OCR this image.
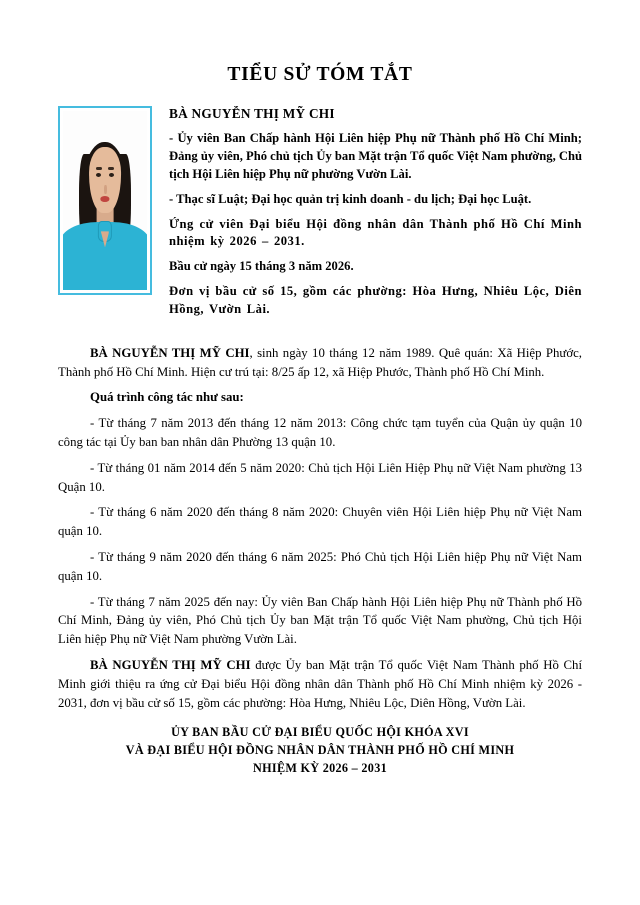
TIỂU SỬ TÓM TẮT
BÀ NGUYỄN THỊ MỸ CHI

- Ủy viên Ban Chấp hành Hội Liên hiệp Phụ nữ Thành phố Hồ Chí Minh; Đảng ủy viên, Phó chủ tịch Ủy ban Mặt trận Tổ quốc Việt Nam phường, Chủ tịch Hội Liên hiệp Phụ nữ phường Vườn Lài.

- Thạc sĩ Luật; Đại học quản trị kinh doanh - du lịch; Đại học Luật.

Ứng cử viên Đại biểu Hội đồng nhân dân Thành phố Hồ Chí Minh nhiệm kỳ 2026 – 2031.

Bầu cử ngày 15 tháng 3 năm 2026.

Đơn vị bầu cử số 15, gồm các phường: Hòa Hưng, Nhiêu Lộc, Diên Hồng, Vườn Lài.

BÀ NGUYỄN THỊ MỸ CHI, sinh ngày 10 tháng 12 năm 1989. Quê quán: Xã Hiệp Phước, Thành phố Hồ Chí Minh. Hiện cư trú tại: 8/25 ấp 12, xã Hiệp Phước, Thành phố Hồ Chí Minh.

Quá trình công tác như sau:

- Từ tháng 7 năm 2013 đến tháng 12 năm 2013: Công chức tạm tuyển của Quận ủy quận 10 công tác tại Ủy ban ban nhân dân Phường 13 quận 10.

- Từ tháng 01 năm 2014 đến 5 năm 2020: Chủ tịch Hội Liên Hiệp Phụ nữ Việt Nam phường 13 Quận 10.

- Từ tháng 6 năm 2020 đến tháng 8 năm 2020: Chuyên viên Hội Liên hiệp Phụ nữ Việt Nam quận 10.

- Từ tháng 9 năm 2020 đến tháng 6 năm 2025: Phó Chủ tịch Hội Liên hiệp Phụ nữ Việt Nam quận 10.

- Từ tháng 7 năm 2025 đến nay: Ủy viên Ban Chấp hành Hội Liên hiệp Phụ nữ Thành phố Hồ Chí Minh, Đảng ủy viên, Phó Chủ tịch Ủy ban Mặt trận Tổ quốc Việt Nam phường, Chủ tịch Hội Liên hiệp Phụ nữ Việt Nam phường Vườn Lài.

BÀ NGUYỄN THỊ MỸ CHI được Ủy ban Mặt trận Tổ quốc Việt Nam Thành phố Hồ Chí Minh giới thiệu ra ứng cử Đại biểu Hội đồng nhân dân Thành phố Hồ Chí Minh nhiệm kỳ 2026 - 2031, đơn vị bầu cử số 15, gồm các phường: Hòa Hưng, Nhiêu Lộc, Diên Hồng, Vườn Lài.

ỦY BAN BẦU CỬ ĐẠI BIỂU QUỐC HỘI KHÓA XVI
VÀ ĐẠI BIỂU HỘI ĐỒNG NHÂN DÂN THÀNH PHỐ HỒ CHÍ MINH
NHIỆM KỲ 2026 – 2031
